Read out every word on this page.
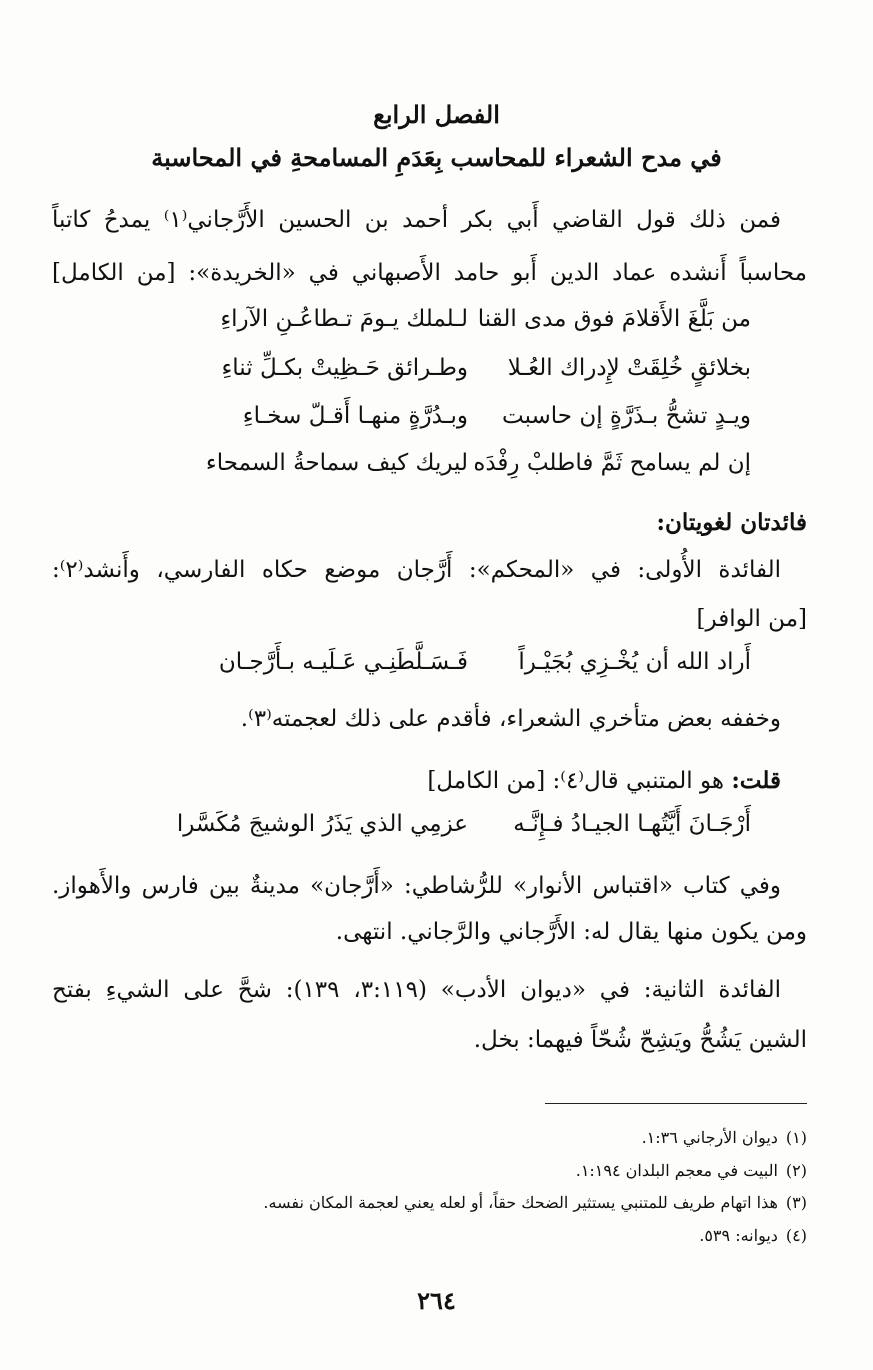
الفصل الرابع
في مدح الشعراء للمحاسب بِعَدَمِ المسامحةِ في المحاسبة
فمن ذلك قول القاضي أَبي بكر أحمد بن الحسين الأَرَّجاني⁽١⁾ يمدحُ كاتباً
محاسباً أَنشده عماد الدين أَبو حامد الأَصبهاني في «الخريدة»: [من الكامل]
من بَلَّغَ الأَقلامَ فوق مدى القنا
لـلملك يـومَ تـطاعُـنِ الآراءِ
بخلائقٍ خُلِقَتْ لإِدراك العُـلا
وطـرائق حَـظِيتْ بكـلِّ ثناءِ
ويـدٍ تشحُّ بـذَرَّةٍ إن حاسبت
وبـدُرَّةٍ منهـا أَقـلّ سخـاءِ
إن لم يسامح ثَمَّ فاطلبْ رِفْدَه
ليريك كيف سماحةُ السمحاء
فائدتان لغويتان:
الفائدة الأُولى: في «المحكم»: أَرَّجان موضع حكاه الفارسي، وأَنشد⁽٢⁾:
[من الوافر]
أَراد الله أن يُخْـزِي بُجَيْـراً
فَـسَـلَّطَنِـي عَـلَيـه بـأَرَّجـان
وخففه بعض متأخري الشعراء، فأقدم على ذلك لعجمته⁽٣⁾.
قلت: هو المتنبي قال⁽٤⁾: [من الكامل]
أَرْجَـانَ أَيَّتُهـا الجيـادُ فـإِنَّـه
عزمِي الذي يَذَرُ الوشيجَ مُكَسَّرا
وفي كتاب «اقتباس الأنوار» للرُّشاطي: «أَرَّجان» مدينةٌ بين فارس والأَهواز.
ومن يكون منها يقال له: الأَرَّجاني والرَّجاني. انتهى.
الفائدة الثانية: في «ديوان الأدب» (٣:١١٩، ١٣٩): شحَّ على الشيءِ بفتح
الشين يَشُحُّ ويَشِحّ شُحّاً فيهما: بخل.
(١)ديوان الأرجاني ١:٣٦.
(٢)البيت في معجم البلدان ١:١٩٤.
(٣)هذا اتهام طريف للمتنبي يستثير الضحك حقاً، أو لعله يعني لعجمة المكان نفسه.
(٤)ديوانه: ٥٣٩.
٢٦٤
